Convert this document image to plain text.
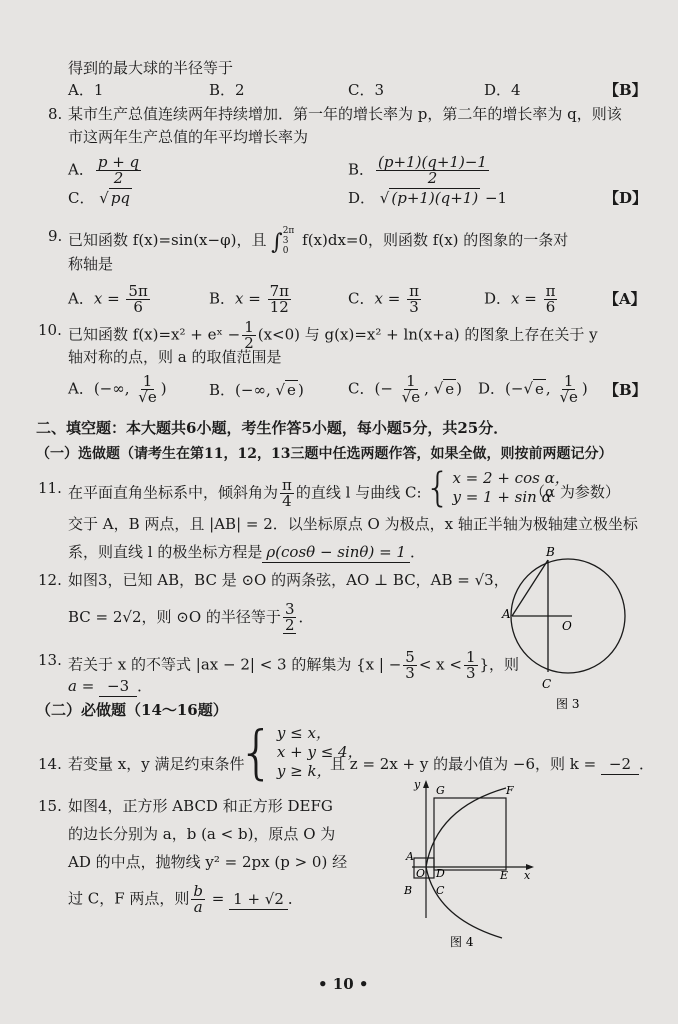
得到的最大球的半径等于
A．1	B．2	C．3	D．4	【B】
8. 某市生产总值连续两年持续增加．第一年的增长率为 p，第二年的增长率为 q，则该
市这两年生产总值的年平均增长率为
A． $\frac{p + q}{2}$	B． $\frac{(p+1)(q+1)-1}{2}$
C． √ pq	D． √ (p+1)(q+1) −1	【D】
9. 已知函数 f(x)=sin(x−φ)，且 ∫ 2π
3
0
f(x)dx=0，则函数 f(x) 的图象的一条对
称轴是
A．$x = \frac{5\pi}{6}$	B．$x = \frac{7\pi}{12}$	C．$x = \frac{\pi}{3}$	D．$x = \frac{\pi}{6}$	【A】
10. 已知函数 f(x)=x² + eˣ − $\frac{1}{2} (x<0)$ 与 g(x)=x² + ln(x+a) 的图象上存在关于 y
轴对称的点，则 a 的取值范围是
A．(−∞, $\frac{1}{√e}$ )	B．(−∞, √ e )	C．(− $\frac{1}{√e}$ , √ e ) D．(−√ e , $\frac{1}{√e}$ ) 【B】
二、填空题：本大题共6小题，考生作答5小题，每小题5分，共25分．
（一）选做题（请考生在第11，12，13三题中任选两题作答，如果全做，则按前两题记分）
11. 在平面直角坐标系中，倾斜角为 $\frac{\pi}{4}$ 的直线 l 与曲线 C: { x = 2 + cos α，
y = 1 + sin α
（α 为参数）
交于 A，B 两点，且 |AB| = 2．以坐标原点 O 为极点，x 轴正半轴为极轴建立极坐标
系，则直线 l 的极坐标方程是 ρ(cosθ − sinθ) = 1 ．
12. 如图3，已知 AB，BC 是 ⊙O 的两条弦，AO ⊥ BC，AB = √3，
BC = 2√2，则 ⊙O 的半径等于 $\frac{3}{2}$ ．
13. 若关于 x 的不等式 |ax − 2| < 3 的解集为 {x | − $\frac{5}{3} < x < \frac{1}{3}$ }，则
a = −3 ．
B
A
O
C
图 3
（二）必做题（14～16题）
14. 若变量 x，y 满足约束条件
{ y ≤ x，
x + y ≤ 4，
y ≥ k，
且 z = 2x + y 的最小值为 −6，则 k = −2 ．
15. 如图4，正方形 ABCD 和正方形 DEFG
的边长分别为 a，b (a < b)，原点 O 为
AD 的中点，抛物线 y² = 2px (p > 0) 经
过 C，F 两点，则 $\frac{b}{a} = 1 + √2$ ．
y G	F
A
O D	E x
B C
图 4
• 10 •
